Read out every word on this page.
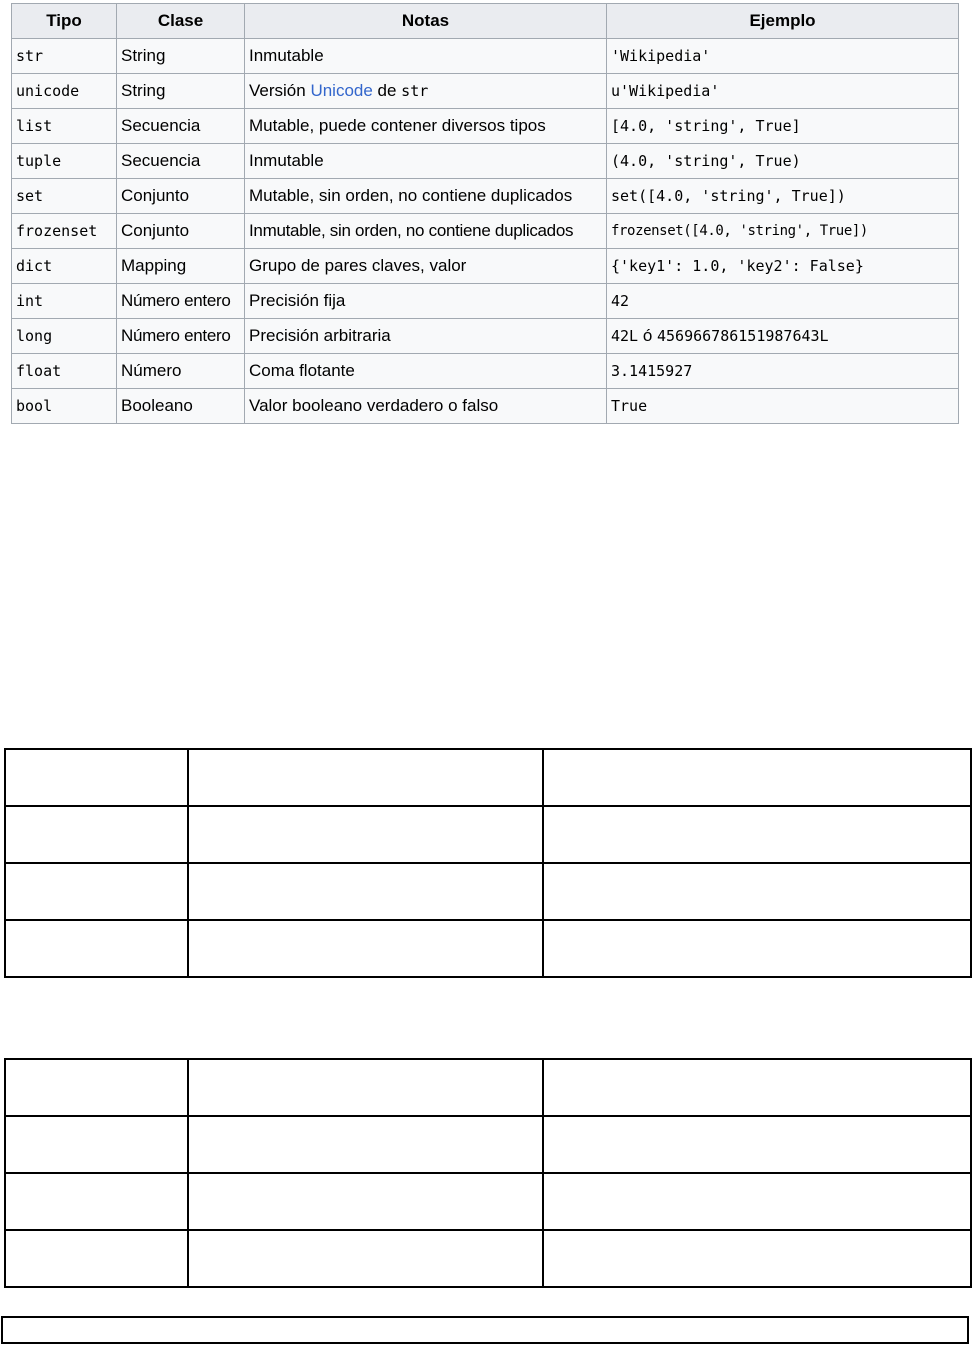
Tipo	Clase	Notas	Ejemplo
str	String	Inmutable	'Wikipedia'
unicode	String	Versión Unicode de str	u'Wikipedia'
list	Secuencia	Mutable, puede contener diversos tipos	[4.0, 'string', True]
tuple	Secuencia	Inmutable	(4.0, 'string', True)
set	Conjunto	Mutable, sin orden, no contiene duplicados	set([4.0, 'string', True])
frozenset	Conjunto	Inmutable, sin orden, no contiene duplicados	frozenset([4.0, 'string', True])
dict	Mapping	Grupo de pares claves, valor	{'key1': 1.0, 'key2': False}
int	Número entero	Precisión fija	42
long	Número entero	Precisión arbitraria	42L ó 456966786151987643L
float	Número	Coma flotante	3.1415927
bool	Booleano	Valor booleano verdadero o falso	True
